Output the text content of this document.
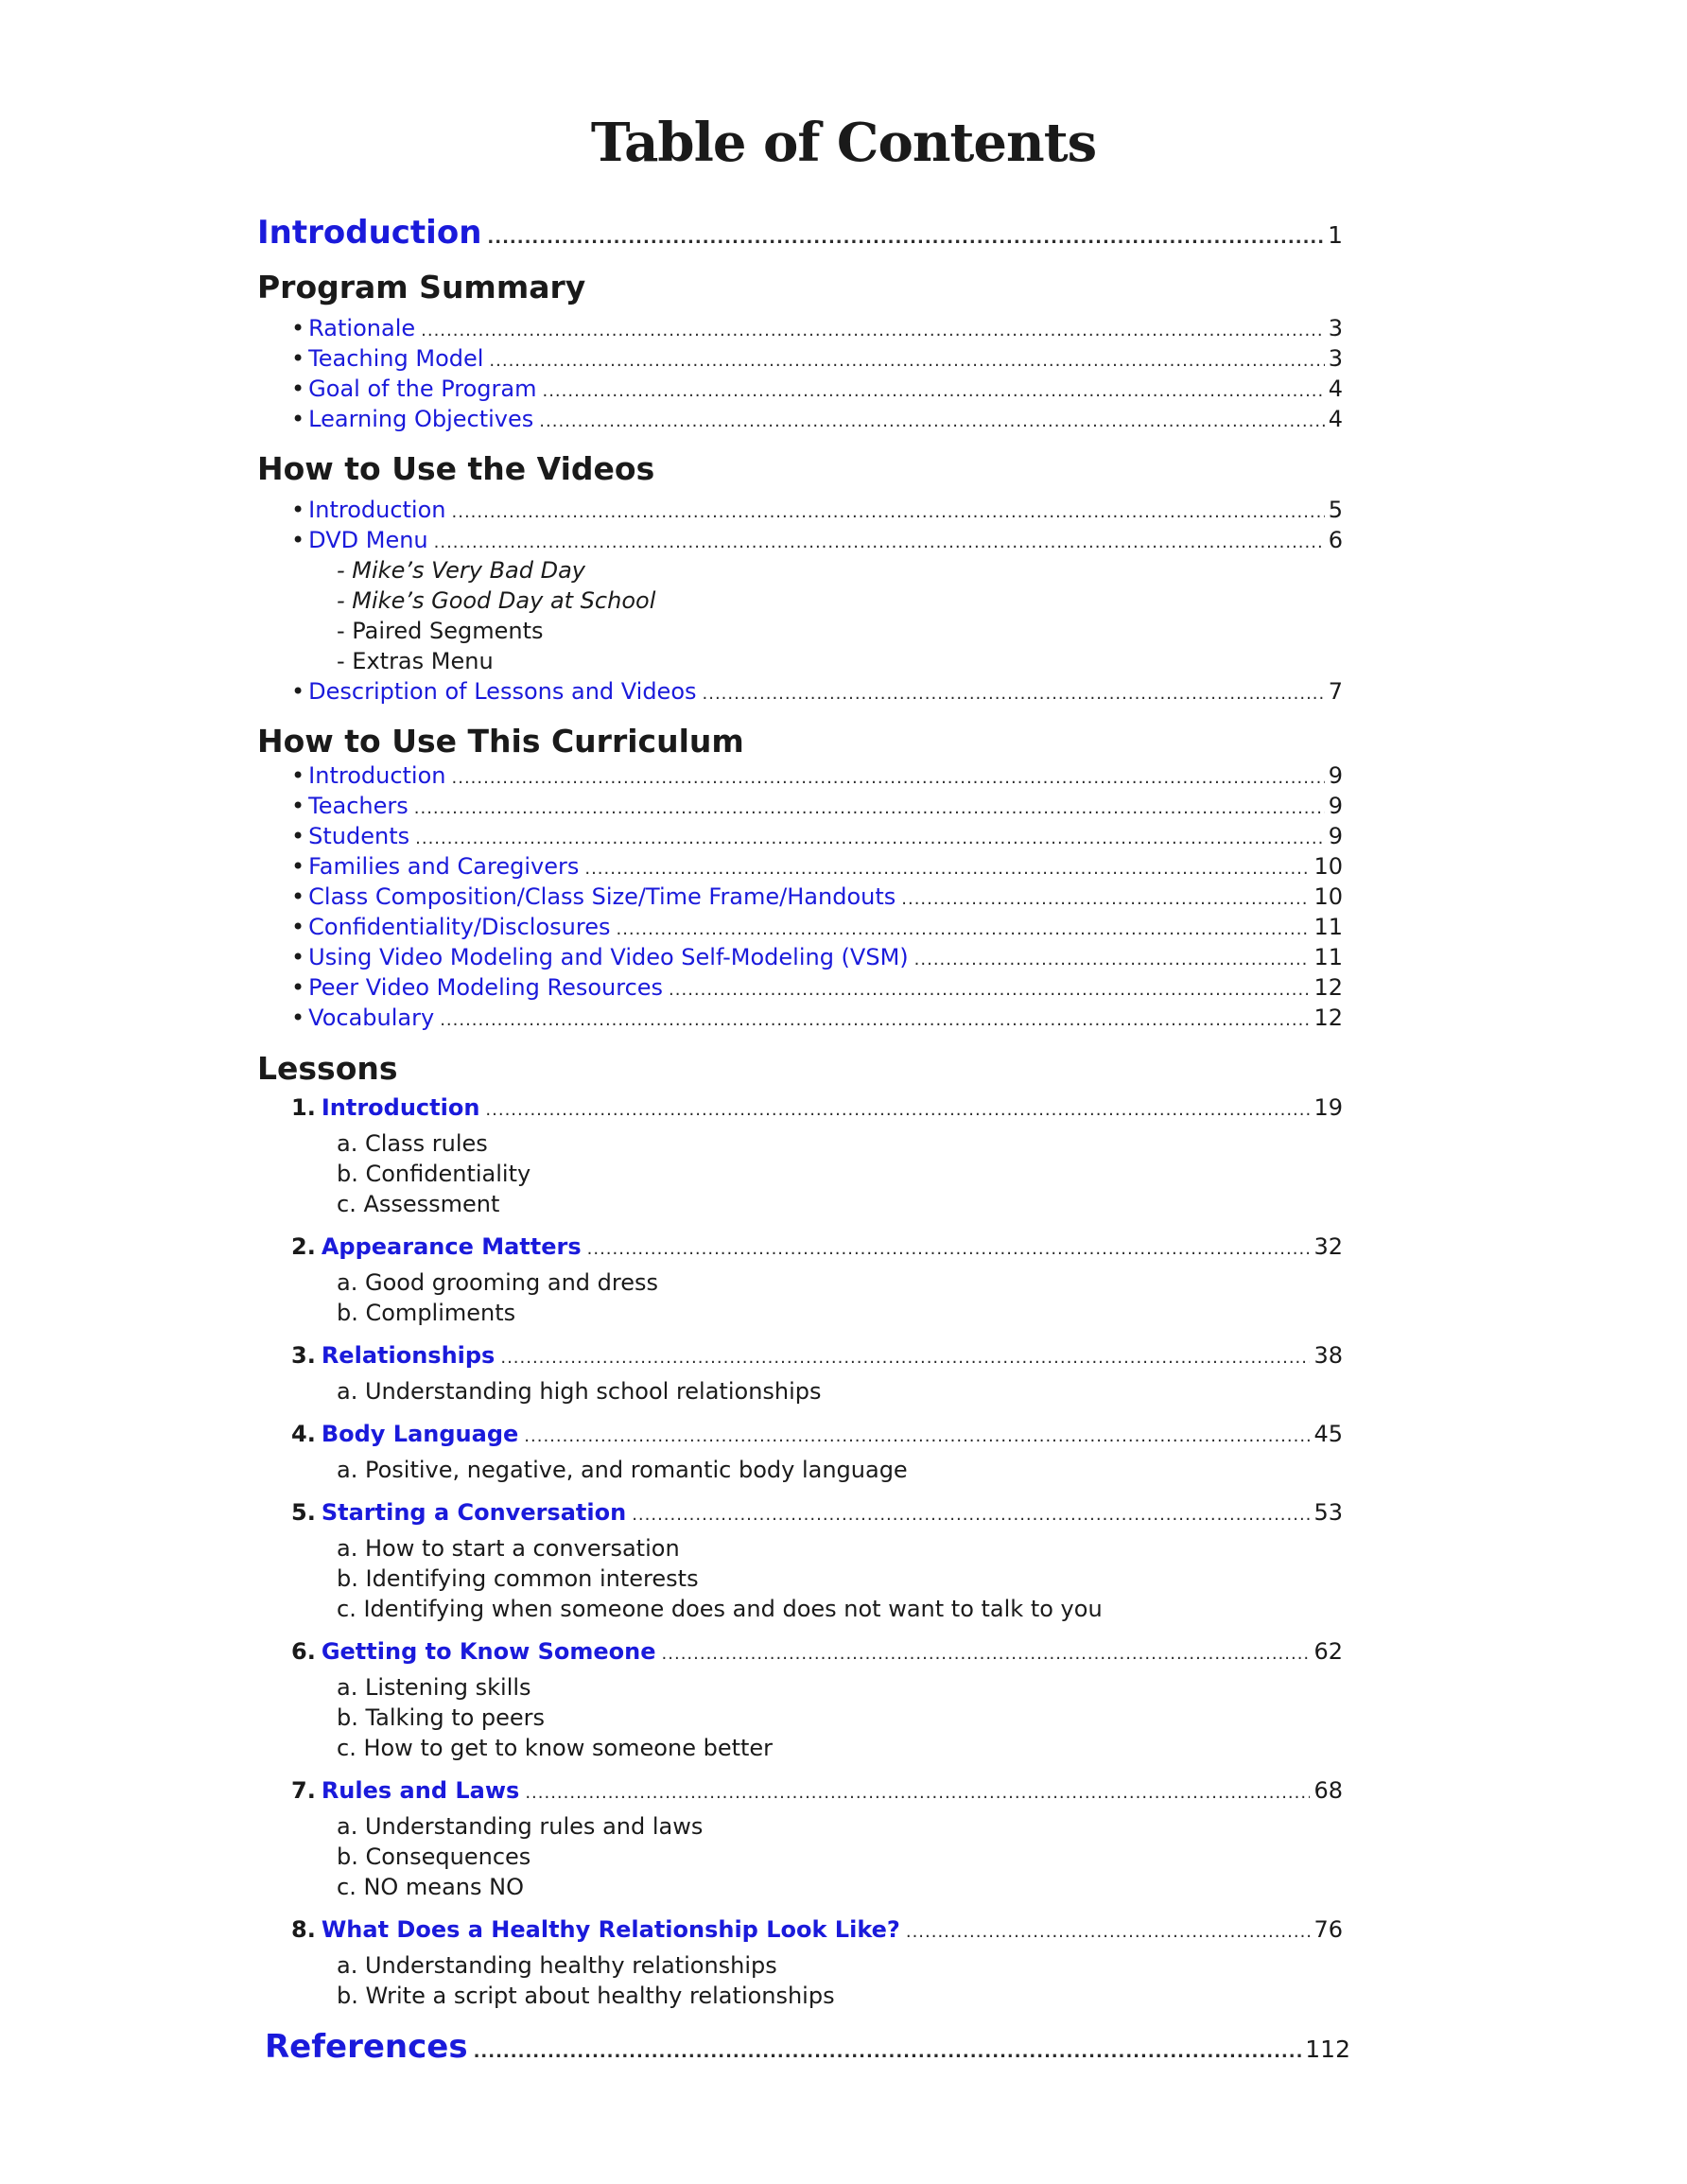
Table of Contents
Introduction .....	1
Program Summary
• Rationale .....	3
• Teaching Model .....	3
• Goal of the Program .....	4
• Learning Objectives .....	4
How to Use the Videos
• Introduction .....	5
• DVD Menu .....	6
- Mike’s Very Bad Day
- Mike’s Good Day at School
- Paired Segments
- Extras Menu
• Description of Lessons and Videos .....	7
How to Use This Curriculum
• Introduction .....	9
• Teachers .....	9
• Students .....	9
• Families and Caregivers .....	10
• Class Composition/Class Size/Time Frame/Handouts .....	10
• Confidentiality/Disclosures .....	11
• Using Video Modeling and Video Self-Modeling (VSM) .....	11
• Peer Video Modeling Resources .....	12
• Vocabulary .....	12
Lessons
1. Introduction .....	19
a. Class rules
b. Confidentiality
c. Assessment
2. Appearance Matters .....	32
a. Good grooming and dress
b. Compliments
3. Relationships .....	38
a. Understanding high school relationships
4. Body Language .....	45
a. Positive, negative, and romantic body language
5. Starting a Conversation .....	53
a. How to start a conversation
b. Identifying common interests
c. Identifying when someone does and does not want to talk to you
6. Getting to Know Someone .....	62
a. Listening skills
b. Talking to peers
c. How to get to know someone better
7. Rules and Laws .....	68
a. Understanding rules and laws
b. Consequences
c. NO means NO
8. What Does a Healthy Relationship Look Like? .....	76
a. Understanding healthy relationships
b. Write a script about healthy relationships
References .....	112
